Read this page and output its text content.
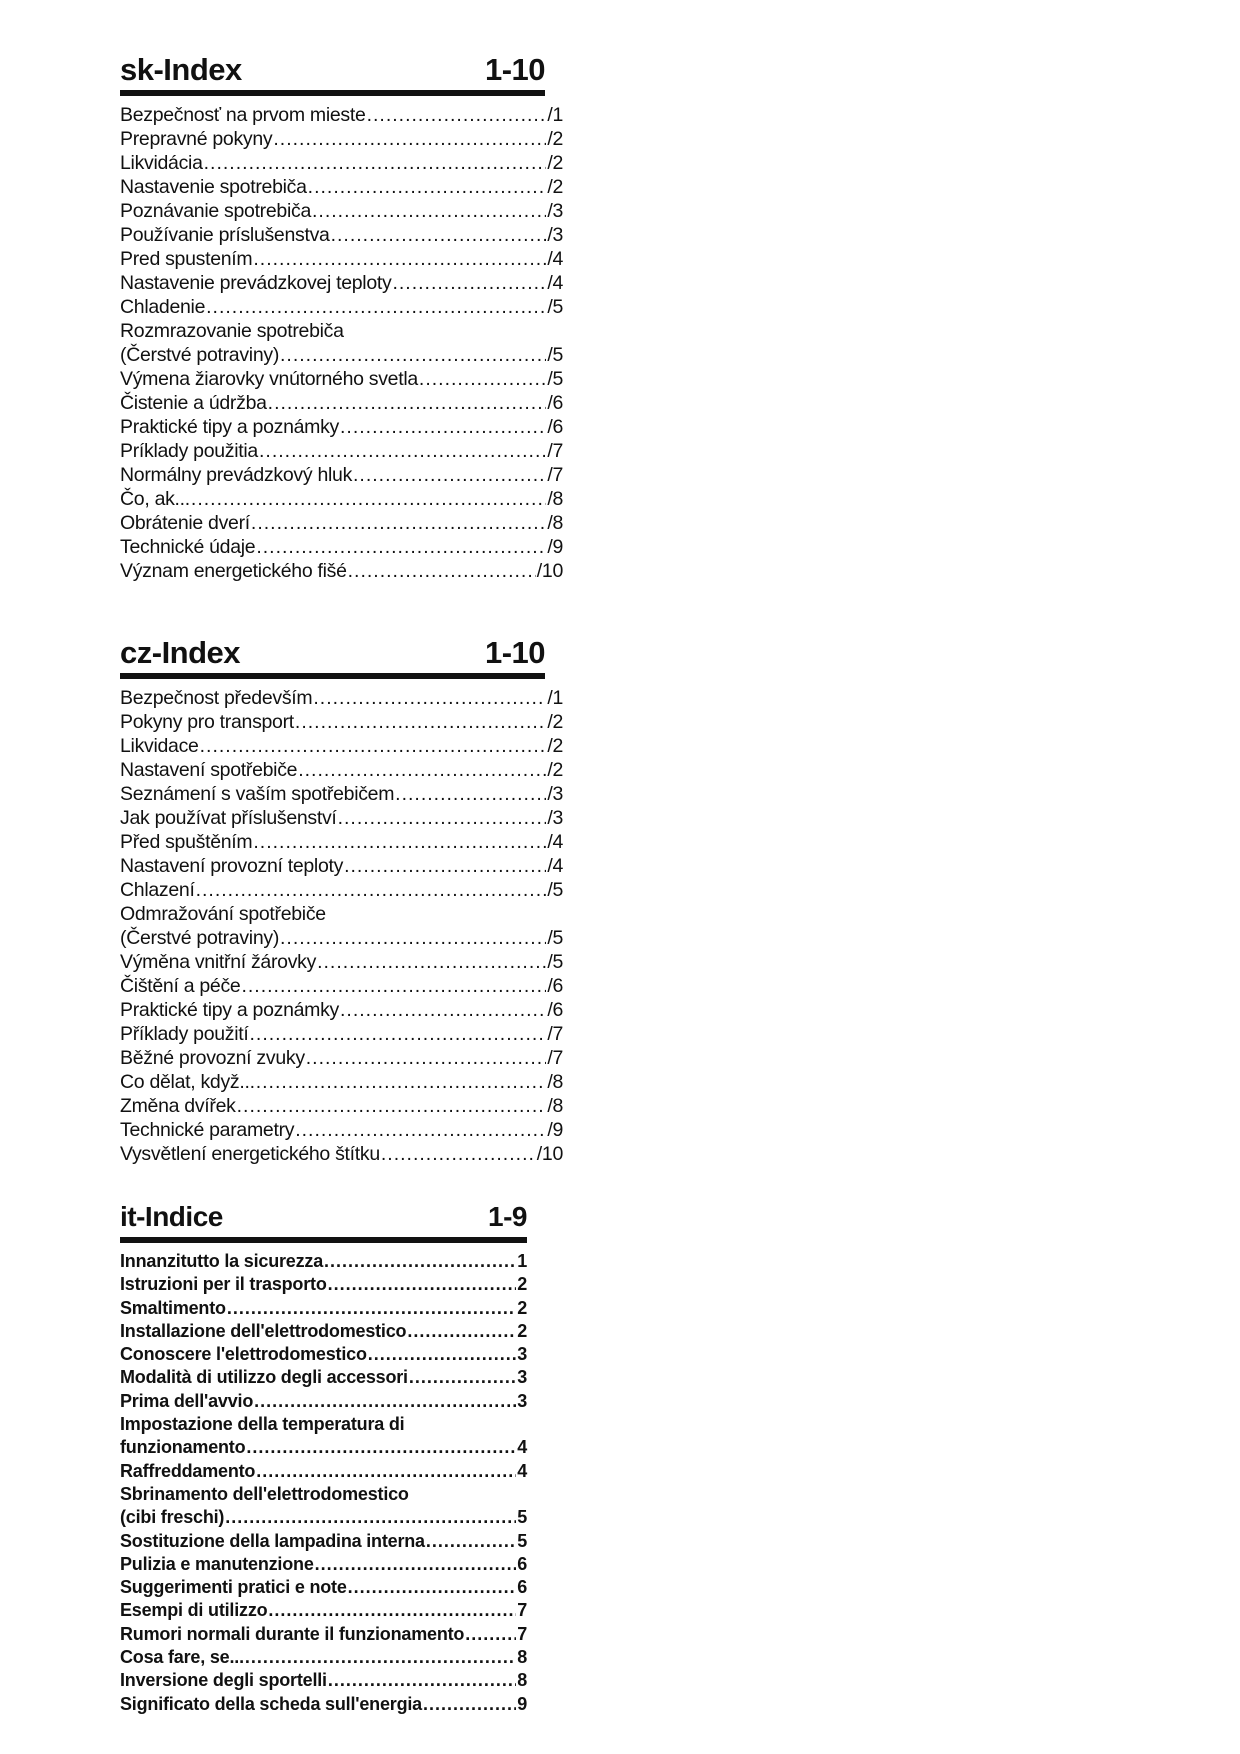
sk-Index	1-10
Bezpečnosť na prvom mieste .....	/1
Prepravné pokyny .....	/2
Likvidácia .....	/2
Nastavenie spotrebiča .....	/2
Poznávanie spotrebiča .....	/3
Používanie príslušenstva .....	/3
Pred spustením .....	/4
Nastavenie prevádzkovej teploty .....	/4
Chladenie .....	/5
Rozmrazovanie spotrebiča
(Čerstvé potraviny) .....	/5
Výmena žiarovky vnútorného svetla .....	/5
Čistenie a údržba .....	/6
Praktické tipy a poznámky .....	/6
Príklady použitia .....	/7
Normálny prevádzkový hluk .....	/7
Čo, ak... .....	/8
Obrátenie dverí .....	/8
Technické údaje .....	/9
Význam energetického fišé .....	/10
cz-Index	1-10
Bezpečnost především .....	/1
Pokyny pro transport .....	/2
Likvidace .....	/2
Nastavení spotřebiče .....	/2
Seznámení s vaším spotřebičem .....	/3
Jak používat příslušenství .....	/3
Před spuštěním .....	/4
Nastavení provozní teploty .....	/4
Chlazení .....	/5
Odmražování spotřebiče
(Čerstvé potraviny) .....	/5
Výměna vnitřní žárovky .....	/5
Čištění a péče .....	/6
Praktické tipy a poznámky .....	/6
Příklady použití .....	/7
Běžné provozní zvuky .....	/7
Co dělat, když... .....	/8
Změna dvířek .....	/8
Technické parametry .....	/9
Vysvětlení energetického štítku .....	/10
it-Indice	1-9
Innanzitutto la sicurezza .....	1
Istruzioni per il trasporto .....	2
Smaltimento .....	2
Installazione dell'elettrodomestico .....	2
Conoscere l'elettrodomestico .....	3
Modalità di utilizzo degli accessori .....	3
Prima dell'avvio .....	3
Impostazione della temperatura di
funzionamento .....	4
Raffreddamento .....	4
Sbrinamento dell'elettrodomestico
(cibi freschi) .....	5
Sostituzione della lampadina interna .....	5
Pulizia e manutenzione .....	6
Suggerimenti pratici e note .....	6
Esempi di utilizzo .....	7
Rumori normali durante il funzionamento .....	7
Cosa fare, se... .....	8
Inversione degli sportelli .....	8
Significato della scheda sull'energia .....	9
